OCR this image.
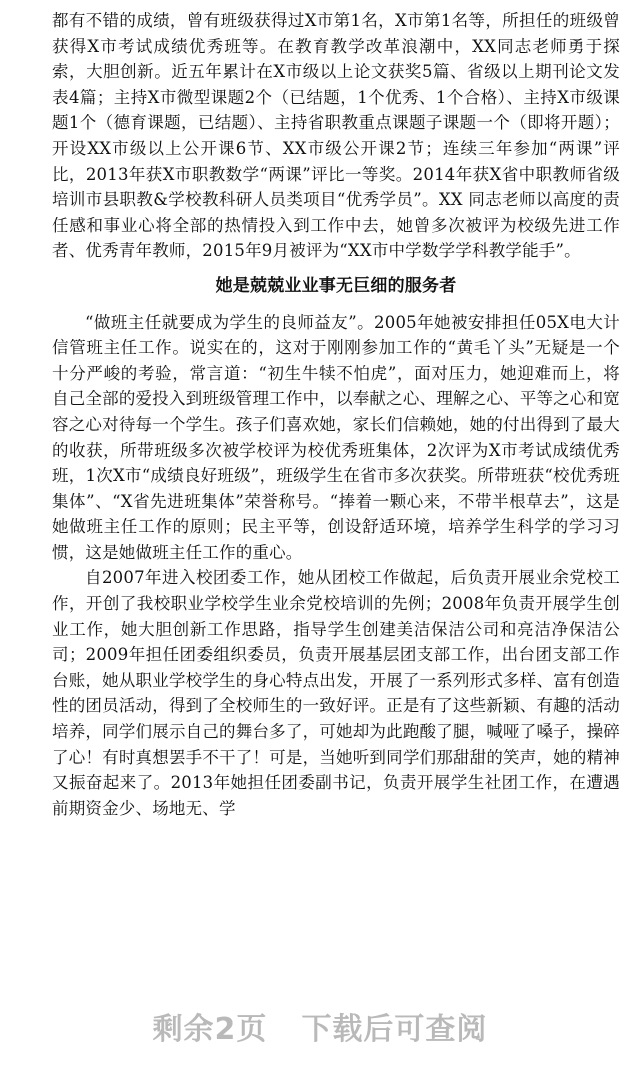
都有不错的成绩，曾有班级获得过X市第1名，X市第1名等，所担任的班级曾获得X市考试成绩优秀班等。在教育教学改革浪潮中，XX同志老师勇于探索，大胆创新。近五年累计在X市级以上论文获奖5篇、省级以上期刊论文发表4篇；主持X市微型课题2个（已结题，1个优秀、1个合格）、主持X市级课题1个（德育课题，已结题）、主持省职教重点课题子课题一个（即将开题）；开设XX市级以上公开课6节、XX市级公开课2节；连续三年参加“两课”评比，2013年获X市职教数学“两课”评比一等奖。2014年获X省中职教师省级培训市县职教&学校教科研人员类项目“优秀学员”。XX 同志老师以高度的责任感和事业心将全部的热情投入到工作中去，她曾多次被评为校级先进工作者、优秀青年教师，2015年9月被评为“XX市中学数学学科教学能手”。

她是兢兢业业事无巨细的服务者

“做班主任就要成为学生的良师益友”。2005年她被安排担任05X电大计信管班主任工作。说实在的，这对于刚刚参加工作的“黄毛丫头”无疑是一个十分严峻的考验，常言道：“初生牛犊不怕虎”，面对压力，她迎难而上，将自己全部的爱投入到班级管理工作中，以奉献之心、理解之心、平等之心和宽容之心对待每一个学生。孩子们喜欢她，家长们信赖她，她的付出得到了最大的收获，所带班级多次被学校评为校优秀班集体，2次评为X市考试成绩优秀班，1次X市“成绩良好班级”，班级学生在省市多次获奖。所带班获“校优秀班集体”、“X省先进班集体”荣誉称号。“捧着一颗心来，不带半根草去”，这是她做班主任工作的原则；民主平等，创设舒适环境，培养学生科学的学习习惯，这是她做班主任工作的重心。

自2007年进入校团委工作，她从团校工作做起，后负责开展业余党校工作，开创了我校职业学校学生业余党校培训的先例；2008年负责开展学生创业工作，她大胆创新工作思路，指导学生创建美洁保洁公司和亮洁净保洁公司；2009年担任团委组织委员，负责开展基层团支部工作，出台团支部工作台账，她从职业学校学生的身心特点出发，开展了一系列形式多样、富有创造性的团员活动，得到了全校师生的一致好评。正是有了这些新颖、有趣的活动培养，同学们展示自己的舞台多了，可她却为此跑酸了腿，喊哑了嗓子，操碎了心！有时真想罢手不干了！可是，当她听到同学们那甜甜的笑声，她的精神又振奋起来了。2013年她担任团委副书记，负责开展学生社团工作，在遭遇前期资金少、场地无、学

剩余2页 下载后可查阅
